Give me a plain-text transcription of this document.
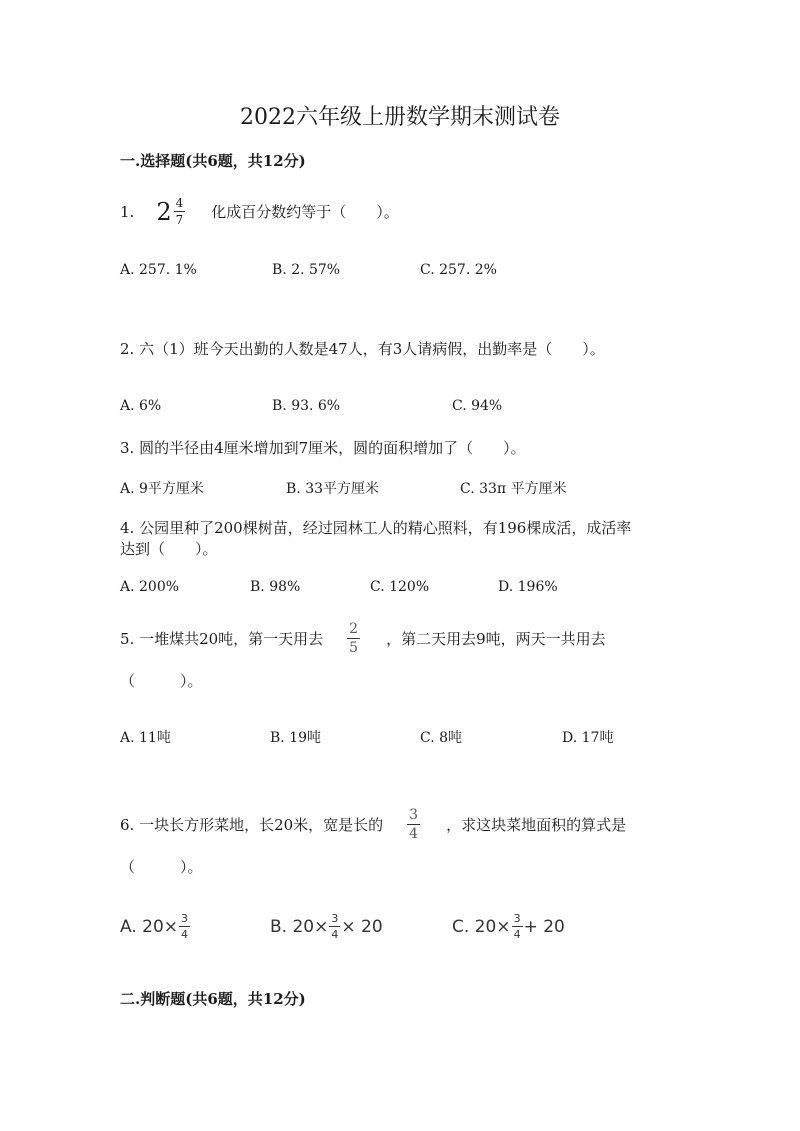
2022六年级上册数学期末测试卷
一.选择题(共6题，共12分)
1. $2 \frac{4}{7}$ 化成百分数约等于（　　）。
A. 257. 1%	B. 2. 57%	C. 257. 2%
2. 六（1）班今天出勤的人数是47人，有3人请病假，出勤率是（　　）。
A. 6%	B. 93. 6%	C. 94%
3. 圆的半径由4厘米增加到7厘米，圆的面积增加了（　　）。
A. 9平方厘米	B. 33平方厘米	C. 33π 平方厘米
4. 公园里种了200棵树苗，经过园林工人的精心照料，有196棵成活，成活率
达到（　　）。
A. 200%	B. 98%	C. 120%	D. 196%
5. 一堆煤共20吨，第一天用去 $\frac{2}{5}$ ，第二天用去9吨，两天一共用去
（　　　）。
A. 11吨	B. 19吨	C. 8吨	D. 17吨
6. 一块长方形菜地，长20米，宽是长的 $\frac{3}{4}$ ，求这块菜地面积的算式是
（　　　）。
A. $20\times \frac{3}{4}$	B. $20\times \frac{3}{4} \times 20$	C. $20\times \frac{3}{4} + 20$
二.判断题(共6题，共12分)
